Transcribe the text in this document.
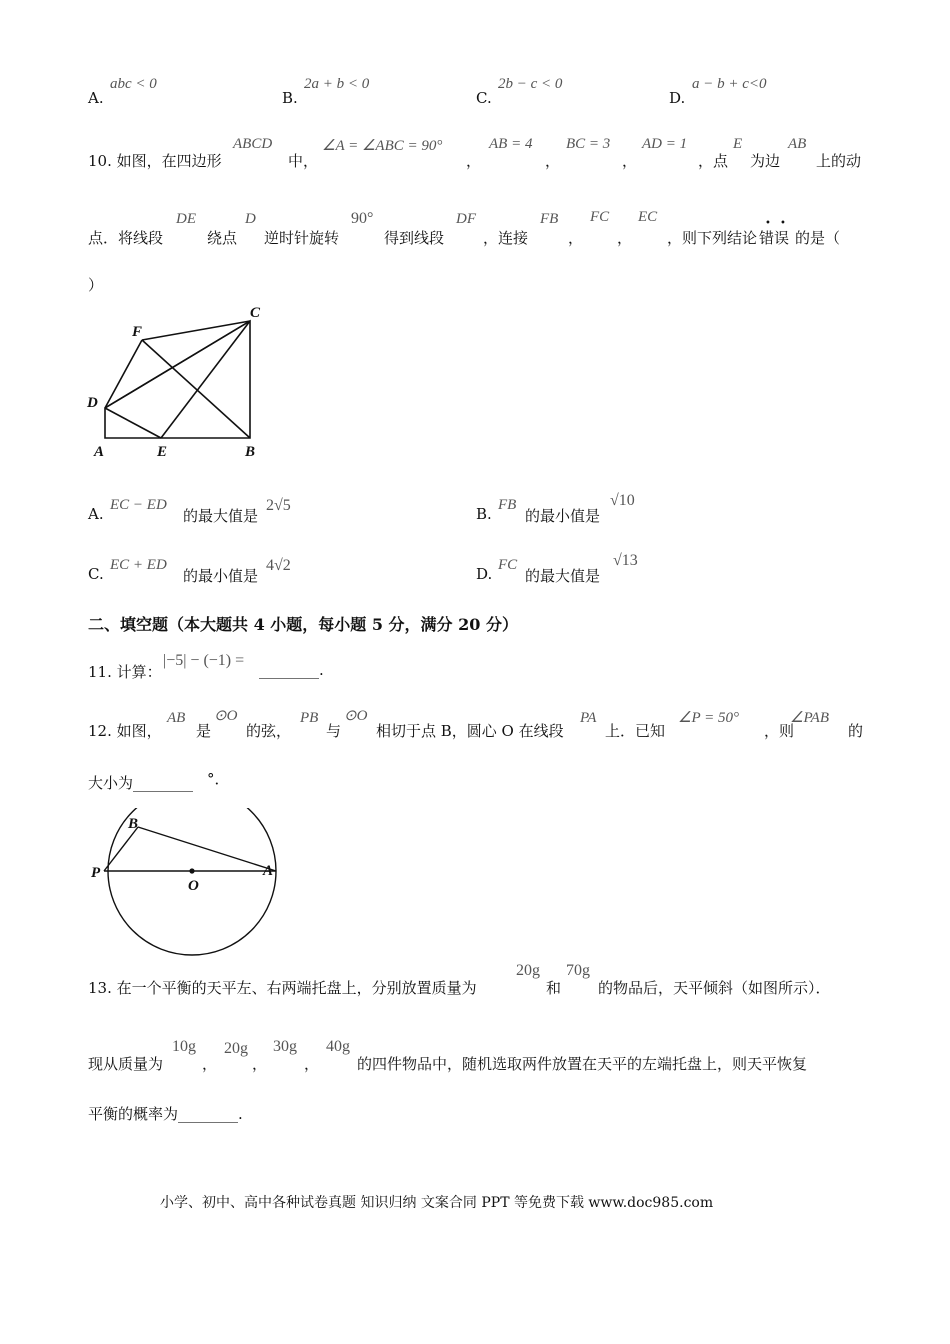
A.
abc < 0
B.
2a + b < 0
C.
2b − c < 0
D.
a − b + c<0
10. 如图，在四边形
ABCD
中，
∠A = ∠ABC = 90°
，
AB = 4
，
BC = 3
，
AD = 1
，点
E
为边
AB
上的动
点．将线段
DE
绕点
D
逆时针旋转
90°
得到线段
DF
，连接
FB
，
FC
，
EC
，则下列结论 错误
• •
的是（
）
F
C
D
A	E	B
A. EC − ED
的最大值是
2√5	B. FB
的最小值是
√10
C. EC + ED
的最小值是
4√2	D. FC
的最大值是
√13
二、填空题（本大题共 4 小题，每小题 5 分，满分 20 分）
11. 计算：
|−5| − (−1) =
________.
12. 如图，
AB
是
⊙O
的弦，
PB
与
⊙O
相切于点 B，圆心 O 在线段
PA
上．已知
∠P = 50°
，则
∠PAB
的
大小为________ °．
B
P
O
A
13. 在一个平衡的天平左、右两端托盘上，分别放置质量为
20g
和
70g
的物品后，天平倾斜（如图所示）．
现从质量为
10g
，
20g
，
30g
，
40g
的四件物品中，随机选取两件放置在天平的左端托盘上，则天平恢复
平衡的概率为________.
小学、初中、高中各种试卷真题 知识归纳 文案合同 PPT 等免费下载 www.doc985.com
